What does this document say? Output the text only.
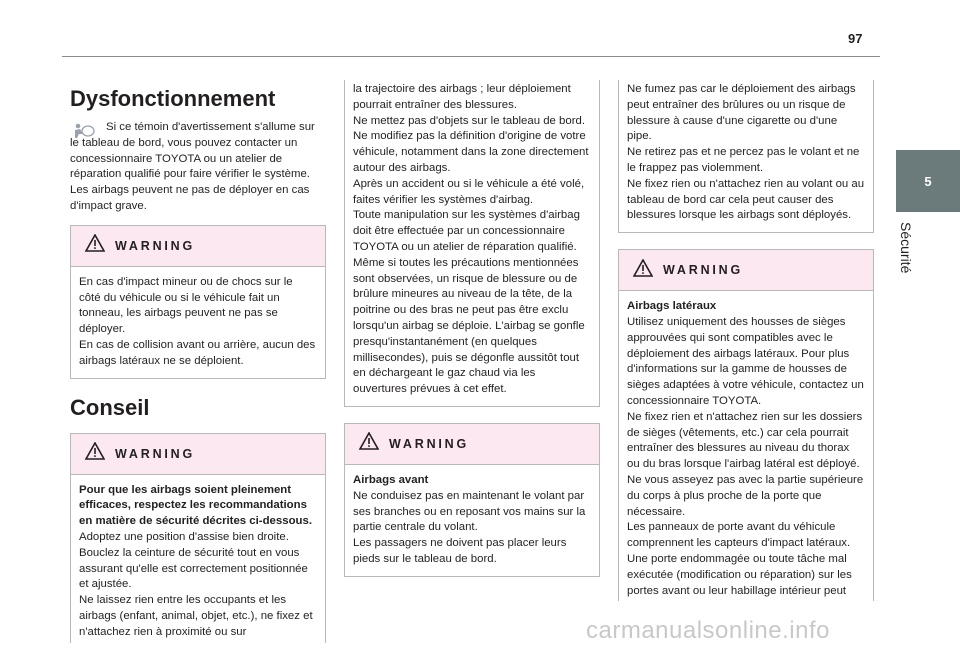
97
5
Sécurité
Dysfonctionnement
Si ce témoin d'avertissement s'allume sur le tableau de bord, vous pouvez contacter un concessionnaire TOYOTA ou un atelier de réparation qualifié pour faire vérifier le système. Les airbags peuvent ne pas de déployer en cas d'impact grave.
WARNING
En cas d'impact mineur ou de chocs sur le côté du véhicule ou si le véhicule fait un tonneau, les airbags peuvent ne pas se déployer.
En cas de collision avant ou arrière, aucun des airbags latéraux ne se déploient.
Conseil
WARNING
Pour que les airbags soient pleinement efficaces, respectez les recommandations en matière de sécurité décrites ci-dessous.
Adoptez une position d'assise bien droite.
Bouclez la ceinture de sécurité tout en vous assurant qu'elle est correctement positionnée et ajustée.
Ne laissez rien entre les occupants et les airbags (enfant, animal, objet, etc.), ne fixez et n'attachez rien à proximité ou sur
la trajectoire des airbags ; leur déploiement pourrait entraîner des blessures.
Ne mettez pas d'objets sur le tableau de bord.
Ne modifiez pas la définition d'origine de votre véhicule, notamment dans la zone directement autour des airbags.
Après un accident ou si le véhicule a été volé, faites vérifier les systèmes d'airbag.
Toute manipulation sur les systèmes d'airbag doit être effectuée par un concessionnaire TOYOTA ou un atelier de réparation qualifié.
Même si toutes les précautions mentionnées sont observées, un risque de blessure ou de brûlure mineures au niveau de la tête, de la poitrine ou des bras ne peut pas être exclu lorsqu'un airbag se déploie. L'airbag se gonfle presqu'instantanément (en quelques millisecondes), puis se dégonfle aussitôt tout en déchargeant le gaz chaud via les ouvertures prévues à cet effet.
WARNING
Airbags avant
Ne conduisez pas en maintenant le volant par ses branches ou en reposant vos mains sur la partie centrale du volant.
Les passagers ne doivent pas placer leurs pieds sur le tableau de bord.
Ne fumez pas car le déploiement des airbags peut entraîner des brûlures ou un risque de blessure à cause d'une cigarette ou d'une pipe.
Ne retirez pas et ne percez pas le volant et ne le frappez pas violemment.
Ne fixez rien ou n'attachez rien au volant ou au tableau de bord car cela peut causer des blessures lorsque les airbags sont déployés.
WARNING
Airbags latéraux
Utilisez uniquement des housses de sièges approuvées qui sont compatibles avec le déploiement des airbags latéraux. Pour plus d'informations sur la gamme de housses de sièges adaptées à votre véhicule, contactez un concessionnaire TOYOTA.
Ne fixez rien et n'attachez rien sur les dossiers de sièges (vêtements, etc.) car cela pourrait entraîner des blessures au niveau du thorax ou du bras lorsque l'airbag latéral est déployé.
Ne vous asseyez pas avec la partie supérieure du corps à plus proche de la porte que nécessaire.
Les panneaux de porte avant du véhicule comprennent les capteurs d'impact latéraux. Une porte endommagée ou toute tâche mal exécutée (modification ou réparation) sur les portes avant ou leur habillage intérieur peut
carmanualsonline.info
